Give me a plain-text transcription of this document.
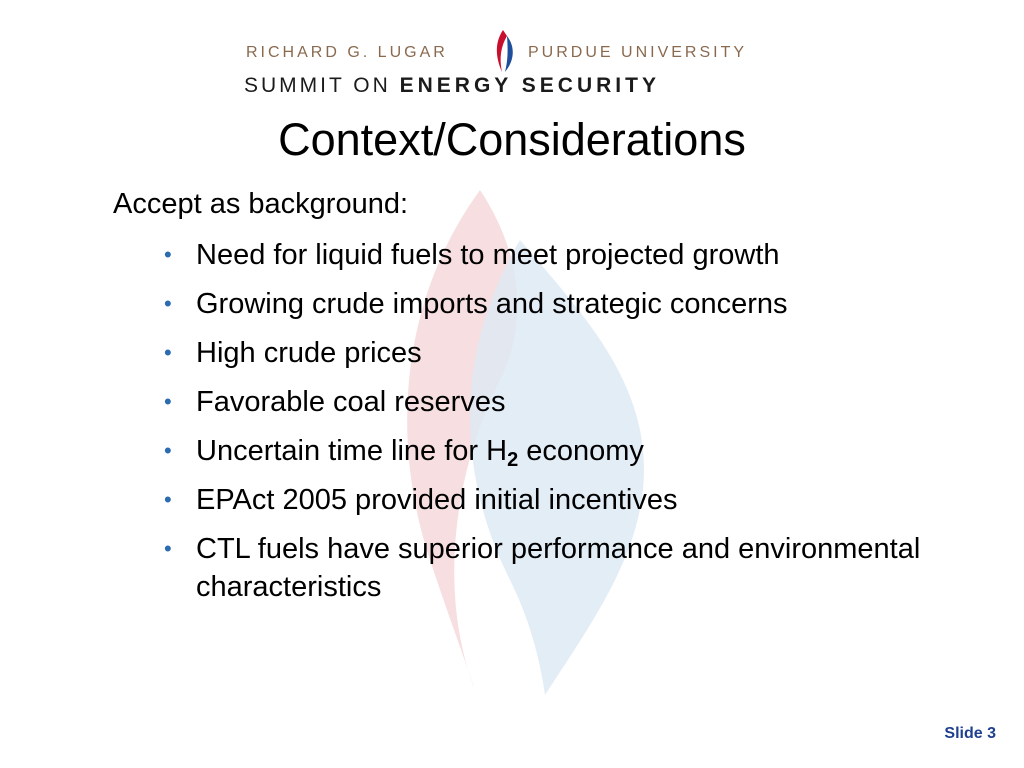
RICHARD G. LUGAR	PURDUE UNIVERSITY
SUMMIT ON ENERGY SECURITY
Context/Considerations
Accept as background:
• Need for liquid fuels to meet projected growth
• Growing crude imports and strategic concerns
• High crude prices
• Favorable coal reserves
• Uncertain time line for $H_2$ economy
• EPAct 2005 provided initial incentives
• CTL fuels have superior performance and environmental characteristics
Slide 3
